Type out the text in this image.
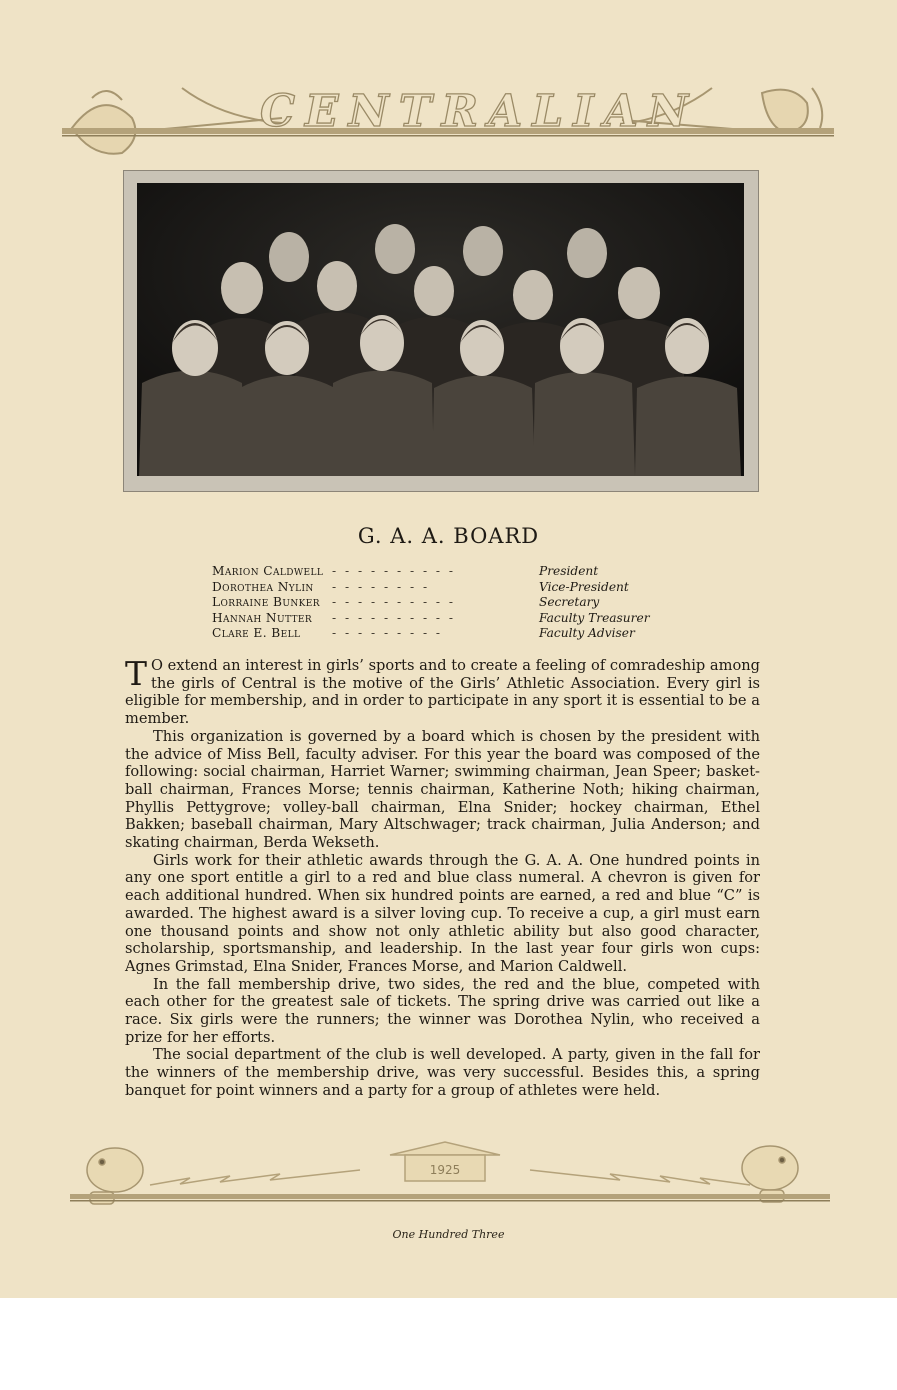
CENTRALIAN
G. A. A. BOARD
Marion Caldwell - - - - - - - - - -	President
Dorothea Nylin - - - - - - - -	Vice-President
Lorraine Bunker - - - - - - - - - -	Secretary
Hannah Nutter - - - - - - - - - -	Faculty Treasurer
Clare E. Bell	- - - - - - - - -	Faculty Adviser

T O extend an interest in girls’ sports and to create a feeling of comradeship among the girls of Central is the motive of the Girls’ Athletic Association. Every girl is eligible for membership, and in order to participate in any sport it is essential to be a member.

This organization is governed by a board which is chosen by the president with the advice of Miss Bell, faculty adviser. For this year the board was composed of the following: social chairman, Harriet Warner; swimming chairman, Jean Speer; basket-ball chairman, Frances Morse; tennis chairman, Katherine Noth; hiking chairman, Phyllis Pettygrove; volley-ball chairman, Elna Snider; hockey chairman, Ethel Bakken; baseball chairman, Mary Altschwager; track chairman, Julia Anderson; and skating chairman, Berda Wekseth.

Girls work for their athletic awards through the G. A. A. One hundred points in any one sport entitle a girl to a red and blue class numeral. A chevron is given for each additional hundred. When six hundred points are earned, a red and blue “C” is awarded. The highest award is a silver loving cup. To receive a cup, a girl must earn one thousand points and show not only athletic ability but also good character, scholarship, sportsmanship, and leadership. In the last year four girls won cups: Agnes Grimstad, Elna Snider, Frances Morse, and Marion Caldwell.

In the fall membership drive, two sides, the red and the blue, competed with each other for the greatest sale of tickets. The spring drive was carried out like a race. Six girls were the runners; the winner was Dorothea Nylin, who received a prize for her efforts.

The social department of the club is well developed. A party, given in the fall for the winners of the membership drive, was very successful. Besides this, a spring banquet for point winners and a party for a group of athletes were held.

1925
One Hundred Three
